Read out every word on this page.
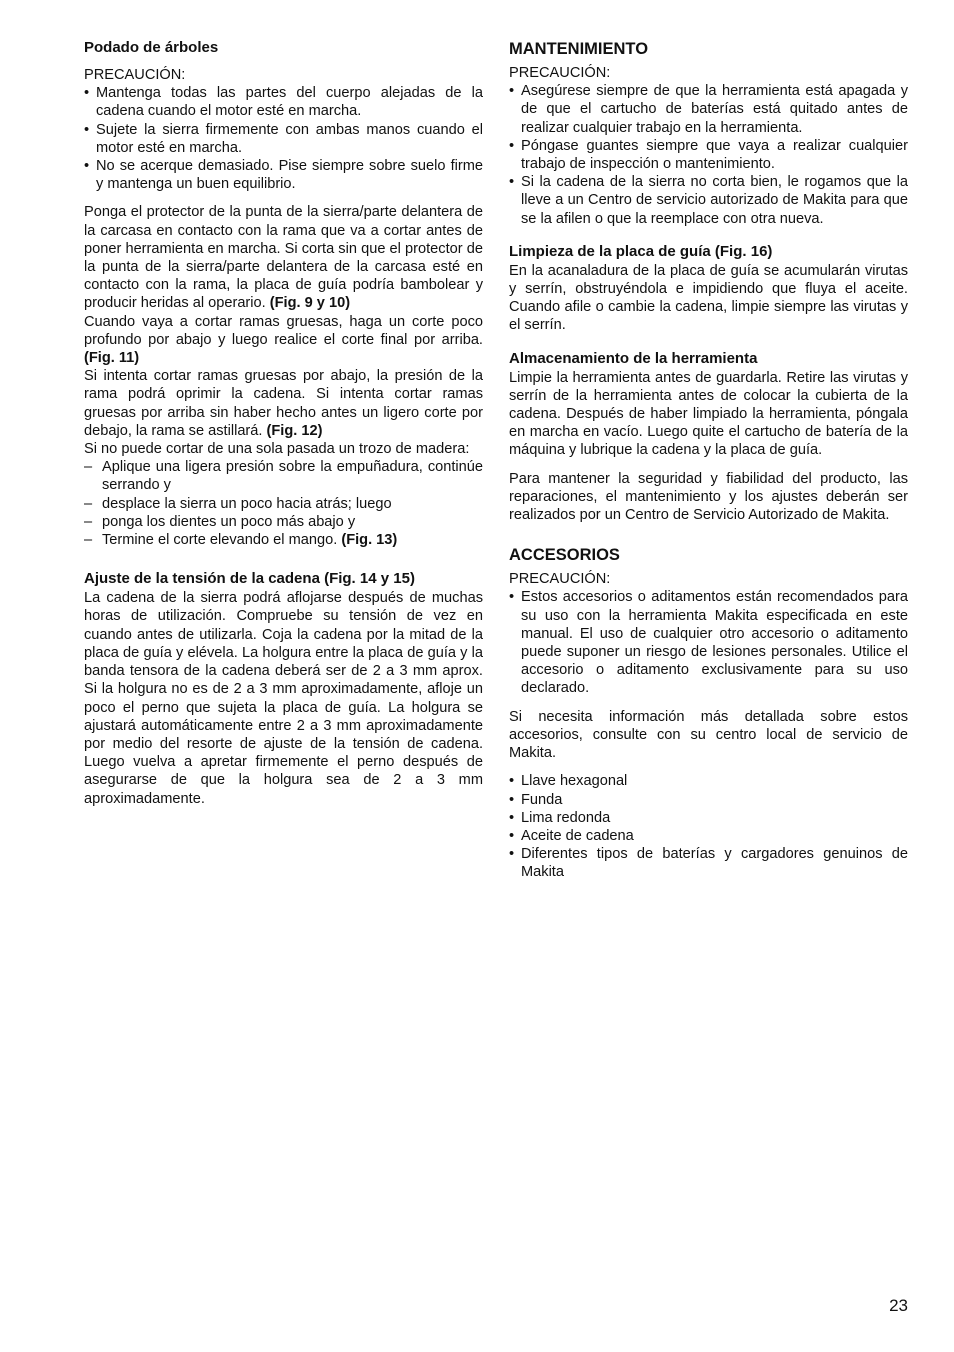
Podado de árboles

PRECAUCIÓN:

• Mantenga todas las partes del cuerpo alejadas de la cadena cuando el motor esté en marcha.
• Sujete la sierra firmemente con ambas manos cuando el motor esté en marcha.
• No se acerque demasiado. Pise siempre sobre suelo firme y mantenga un buen equilibrio.

Ponga el protector de la punta de la sierra/parte delantera de la carcasa en contacto con la rama que va a cortar antes de poner herramienta en marcha. Si corta sin que el protector de la punta de la sierra/parte delantera de la carcasa esté en contacto con la rama, la placa de guía podría bambolear y producir heridas al operario. (Fig. 9 y 10)

Cuando vaya a cortar ramas gruesas, haga un corte poco profundo por abajo y luego realice el corte final por arriba. (Fig. 11)

Si intenta cortar ramas gruesas por abajo, la presión de la rama podrá oprimir la cadena. Si intenta cortar ramas gruesas por arriba sin haber hecho antes un ligero corte por debajo, la rama se astillará. (Fig. 12)

Si no puede cortar de una sola pasada un trozo de madera:

– Aplique una ligera presión sobre la empuñadura, continúe serrando y
– desplace la sierra un poco hacia atrás; luego
– ponga los dientes un poco más abajo y
– Termine el corte elevando el mango. (Fig. 13)

Ajuste de la tensión de la cadena (Fig. 14 y 15)

La cadena de la sierra podrá aflojarse después de muchas horas de utilización. Compruebe su tensión de vez en cuando antes de utilizarla. Coja la cadena por la mitad de la placa de guía y elévela. La holgura entre la placa de guía y la banda tensora de la cadena deberá ser de 2 a 3 mm aprox. Si la holgura no es de 2 a 3 mm aproximadamente, afloje un poco el perno que sujeta la placa de guía. La holgura se ajustará automáticamente entre 2 a 3 mm aproximadamente por medio del resorte de ajuste de la tensión de cadena. Luego vuelva a apretar firmemente el perno después de asegurarse de que la holgura sea de 2 a 3 mm aproximadamente.

MANTENIMIENTO

PRECAUCIÓN:

• Asegúrese siempre de que la herramienta está apagada y de que el cartucho de baterías está quitado antes de realizar cualquier trabajo en la herramienta.
• Póngase guantes siempre que vaya a realizar cualquier trabajo de inspección o mantenimiento.
• Si la cadena de la sierra no corta bien, le rogamos que la lleve a un Centro de servicio autorizado de Makita para que se la afilen o que la reemplace con otra nueva.

Limpieza de la placa de guía (Fig. 16)

En la acanaladura de la placa de guía se acumularán virutas y serrín, obstruyéndola e impidiendo que fluya el aceite. Cuando afile o cambie la cadena, limpie siempre las virutas y el serrín.

Almacenamiento de la herramienta

Limpie la herramienta antes de guardarla. Retire las virutas y serrín de la herramienta antes de colocar la cubierta de la cadena. Después de haber limpiado la herramienta, póngala en marcha en vacío. Luego quite el cartucho de batería de la máquina y lubrique la cadena y la placa de guía.

Para mantener la seguridad y fiabilidad del producto, las reparaciones, el mantenimiento y los ajustes deberán ser realizados por un Centro de Servicio Autorizado de Makita.

ACCESORIOS

PRECAUCIÓN:

• Estos accesorios o aditamentos están recomendados para su uso con la herramienta Makita especificada en este manual. El uso de cualquier otro accesorio o aditamento puede suponer un riesgo de lesiones personales. Utilice el accesorio o aditamento exclusivamente para su uso declarado.

Si necesita información más detallada sobre estos accesorios, consulte con su centro local de servicio de Makita.

• Llave hexagonal
• Funda
• Lima redonda
• Aceite de cadena
• Diferentes tipos de baterías y cargadores genuinos de Makita
23
